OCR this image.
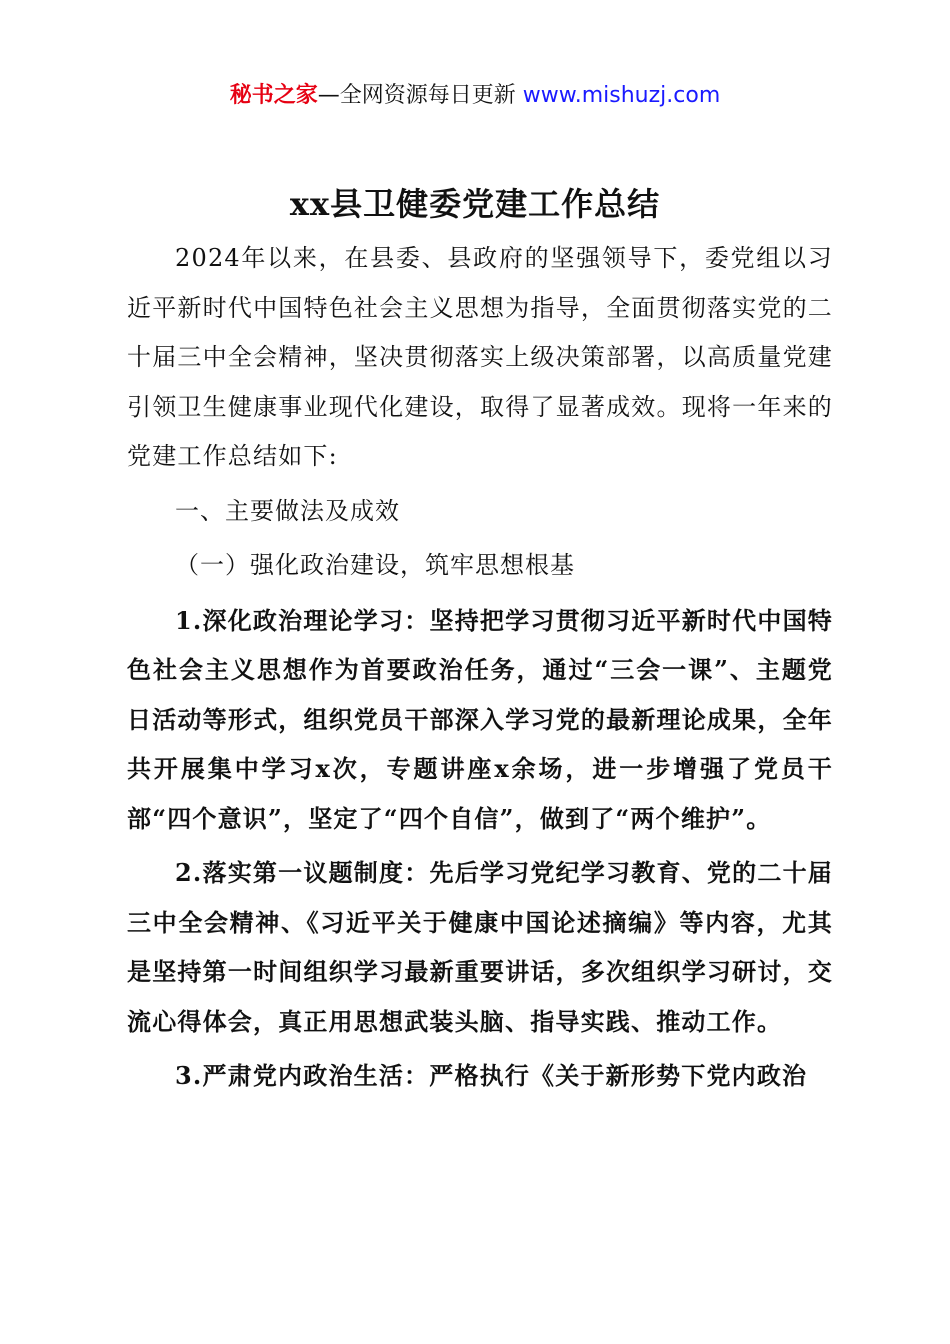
秘书之家—全网资源每日更新 www.mishuzj.com
xx县卫健委党建工作总结

2024年以来，在县委、县政府的坚强领导下，委党组以习近平新时代中国特色社会主义思想为指导，全面贯彻落实党的二十届三中全会精神，坚决贯彻落实上级决策部署，以高质量党建引领卫生健康事业现代化建设，取得了显著成效。现将一年来的党建工作总结如下:

一、主要做法及成效

（一）强化政治建设，筑牢思想根基

1.深化政治理论学习：坚持把学习贯彻习近平新时代中国特色社会主义思想作为首要政治任务，通过“三会一课”、主题党日活动等形式，组织党员干部深入学习党的最新理论成果，全年共开展集中学习x次，专题讲座x余场，进一步增强了党员干部“四个意识”，坚定了“四个自信”，做到了“两个维护”。

2.落实第一议题制度：先后学习党纪学习教育、党的二十届三中全会精神、《习近平关于健康中国论述摘编》等内容，尤其是坚持第一时间组织学习最新重要讲话，多次组织学习研讨，交流心得体会，真正用思想武装头脑、指导实践、推动工作。

3.严肃党内政治生活：严格执行《关于新形势下党内政治
